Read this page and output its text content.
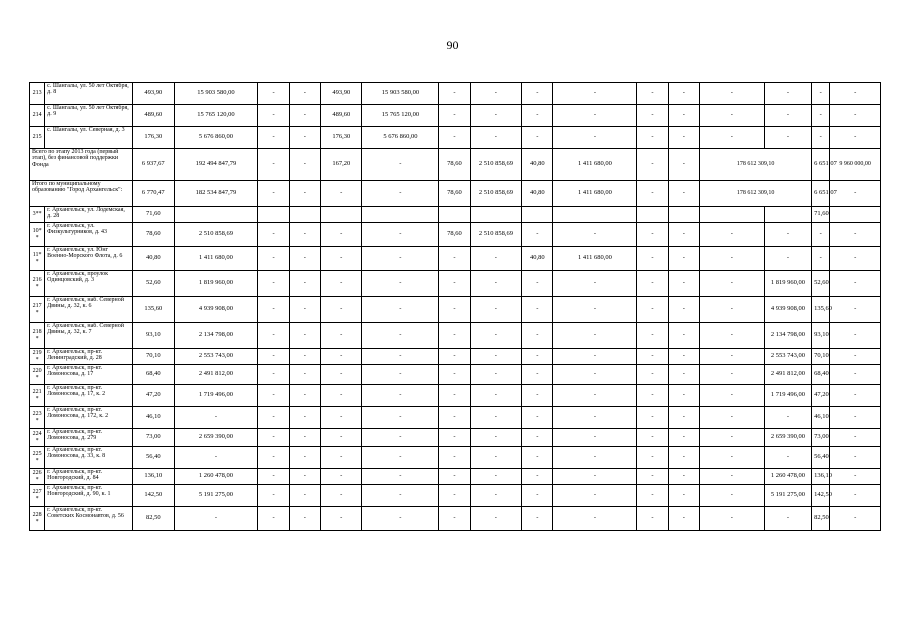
90
213	с. Шангалы, ул. 50 лет Октября, д. 8	493,90	15 903 580,00	-	-	493,90	15 903 580,00	-	-	-	-	-	-	-	-	-	-
214	с. Шангалы, ул. 50 лет Октября, д. 9	489,60	15 765 120,00	-	-	489,60	15 765 120,00	-	-	-	-	-	-	-	-	-	-
215	с. Шангалы, ул. Северная, д. 3	176,30	5 676 860,00	-	-	176,30	5 676 860,00	-	-	-	-	-	-	-	-	-	-
Всего по этапу 2013 года (первый этап), без финансовой поддержки Фонда		6 937,67	192 494 847,79	-	-	167,20	-	78,60	2 510 858,69	40,80	1 411 680,00	-	-	178 612 309,10		6 651,07	9 960 000,00
Итого по муниципальному образованию "Город Архангельск":		6 770,47	182 534 847,79	-	-	-	-	78,60	2 510 858,69	40,80	1 411 680,00	-	-	178 612 309,10		6 651,07	-
3**	г. Архангельск, ул. Лодемская, д. 28	71,60														71,60	
10* *	г. Архангельск, ул. Физкультурников, д. 43	78,60	2 510 858,69	-	-	-	-	78,60	2 510 858,69	-	-	-	-	-	-	-	-
11* *	г. Архангельск, ул. Юнг Военно-Морского Флота, д. 6	40,80	1 411 680,00	-	-	-	-	-	-	40,80	1 411 680,00	-	-	-	-	-	-
216 *	г. Архангельск, проулок Одинцовский, д. 3	52,60	1 819 960,00	-	-	-	-	-	-	-	-	-	-	-	1 819 960,00	52,60	-
217 *	г. Архангельск, наб. Северной Двины, д. 32, к. 6	135,60	4 939 908,00	-	-	-	-	-	-	-	-	-	-	-	4 939 908,00	135,60	-
218 *	г. Архангельск, наб. Северной Двины, д. 32, к. 7	93,10	2 134 798,00	-	-	-	-	-	-	-	-	-	-	-	2 134 798,00	93,10	-
219 *	г. Архангельск, пр-кт. Ленинградский, д. 28	70,10	2 553 743,00	-	-	-	-	-	-	-	-	-	-	-	2 553 743,00	70,10	-
220 *	г. Архангельск, пр-кт. Ломоносова, д. 17	68,40	2 491 812,00	-	-	-	-	-	-	-	-	-	-	-	2 491 812,00	68,40	-
221 *	г. Архангельск, пр-кт. Ломоносова, д. 17, к. 2	47,20	1 719 496,00	-	-	-	-	-	-	-	-	-	-	-	1 719 496,00	47,20	-
223 *	г. Архангельск, пр-кт. Ломоносова, д. 172, к. 2	46,10	-	-	-	-	-	-	-	-	-	-	-	-	-	46,10	-
224 *	г. Архангельск, пр-кт. Ломоносова, д. 279	73,00	2 659 390,00	-	-	-	-	-	-	-	-	-	-	-	2 659 390,00	73,00	-
225 *	г. Архангельск, пр-кт. Ломоносова, д. 33, к. 8	56,40	-	-	-	-	-	-	-	-	-	-	-	-	-	56,40	-
226 *	г. Архангельск, пр-кт. Новгородский, д. 84	136,10	1 260 478,00	-	-	-	-	-	-	-	-	-	-	-	1 260 478,00	136,10	-
227 *	г. Архангельск, пр-кт. Новгородский, д. 90, к. 1	142,50	5 191 275,00	-	-	-	-	-	-	-	-	-	-	-	5 191 275,00	142,50	-
228 *	г. Архангельск, пр-кт. Советских Космонавтов, д. 56	82,50	-	-	-	-	-	-	-	-	-	-	-	-	-	82,50	-
